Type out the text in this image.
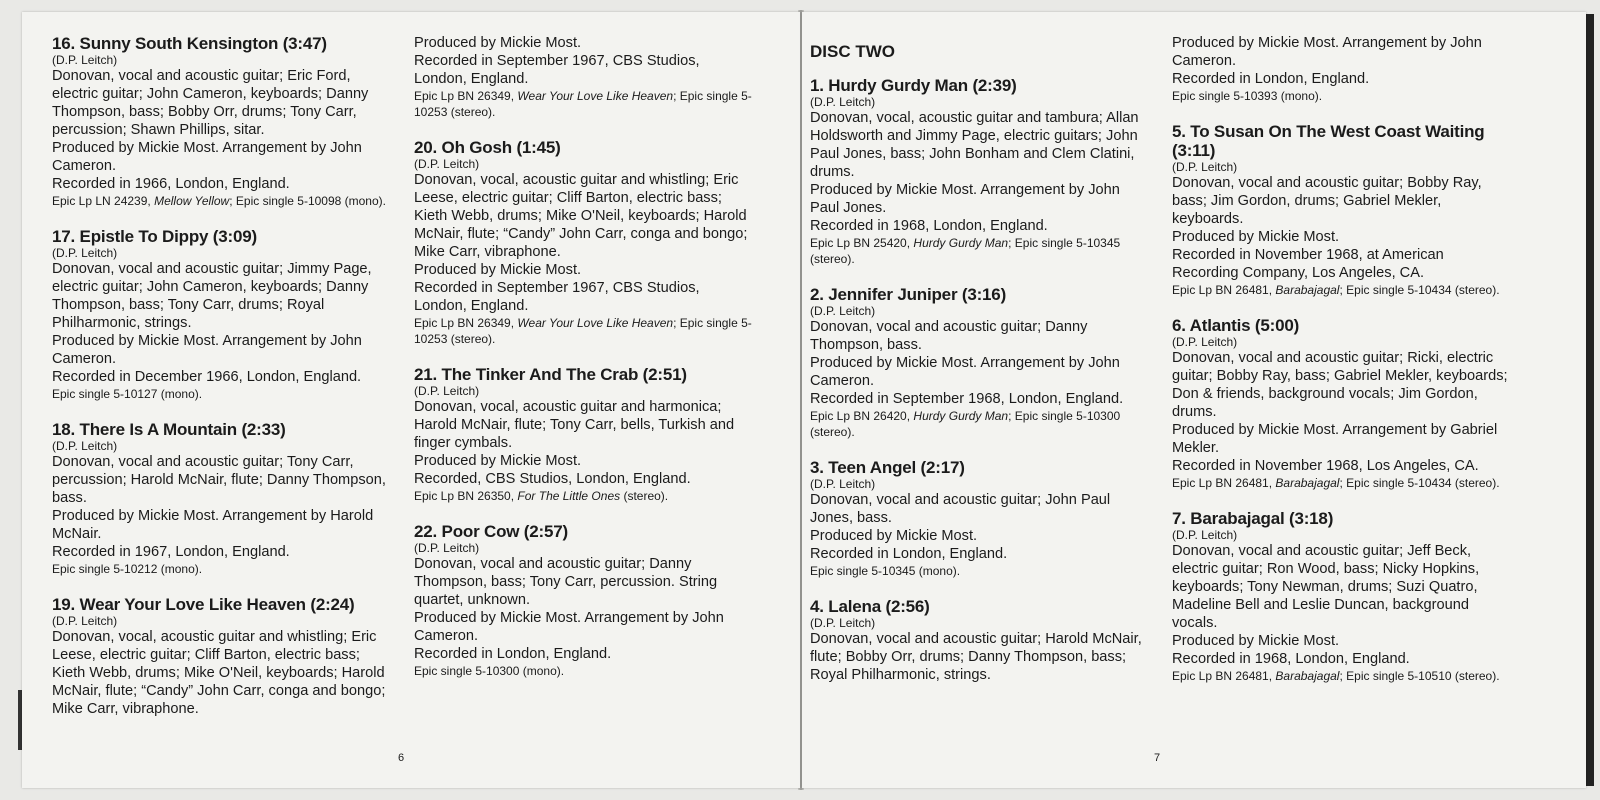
16. Sunny South Kensington (3:47)
(D.P. Leitch)
Donovan, vocal and acoustic guitar; Eric Ford, electric guitar; John Cameron, keyboards; Danny Thompson, bass; Bobby Orr, drums; Tony Carr, percussion; Shawn Phillips, sitar.
Produced by Mickie Most. Arrangement by John Cameron.
Recorded in 1966, London, England.
Epic Lp LN 24239, Mellow Yellow; Epic single 5-10098 (mono).
17. Epistle To Dippy (3:09)
(D.P. Leitch)
Donovan, vocal and acoustic guitar; Jimmy Page, electric guitar; John Cameron, keyboards; Danny Thompson, bass; Tony Carr, drums; Royal Philharmonic, strings.
Produced by Mickie Most. Arrangement by John Cameron.
Recorded in December 1966, London, England.
Epic single 5-10127 (mono).
18. There Is A Mountain (2:33)
(D.P. Leitch)
Donovan, vocal and acoustic guitar; Tony Carr, percussion; Harold McNair, flute; Danny Thompson, bass.
Produced by Mickie Most. Arrangement by Harold McNair.
Recorded in 1967, London, England.
Epic single 5-10212 (mono).
19. Wear Your Love Like Heaven (2:24)
(D.P. Leitch)
Donovan, vocal, acoustic guitar and whistling; Eric Leese, electric guitar; Cliff Barton, electric bass; Kieth Webb, drums; Mike O'Neil, keyboards; Harold McNair, flute; “Candy” John Carr, conga and bongo; Mike Carr, vibraphone.
Produced by Mickie Most.
Recorded in September 1967, CBS Studios, London, England.
Epic Lp BN 26349, Wear Your Love Like Heaven; Epic single 5-10253 (stereo).
20. Oh Gosh (1:45)
(D.P. Leitch)
Donovan, vocal, acoustic guitar and whistling; Eric Leese, electric guitar; Cliff Barton, electric bass; Kieth Webb, drums; Mike O'Neil, keyboards; Harold McNair, flute; “Candy” John Carr, conga and bongo; Mike Carr, vibraphone.
Produced by Mickie Most.
Recorded in September 1967, CBS Studios, London, England.
Epic Lp BN 26349, Wear Your Love Like Heaven; Epic single 5-10253 (stereo).
21. The Tinker And The Crab (2:51)
(D.P. Leitch)
Donovan, vocal, acoustic guitar and harmonica; Harold McNair, flute; Tony Carr, bells, Turkish and finger cymbals.
Produced by Mickie Most.
Recorded, CBS Studios, London, England.
Epic Lp BN 26350, For The Little Ones (stereo).
22. Poor Cow (2:57)
(D.P. Leitch)
Donovan, vocal and acoustic guitar; Danny Thompson, bass; Tony Carr, percussion. String quartet, unknown.
Produced by Mickie Most. Arrangement by John Cameron.
Recorded in London, England.
Epic single 5-10300 (mono).
6
DISC TWO
1. Hurdy Gurdy Man (2:39)
(D.P. Leitch)
Donovan, vocal, acoustic guitar and tambura; Allan Holdsworth and Jimmy Page, electric guitars; John Paul Jones, bass; John Bonham and Clem Clatini, drums.
Produced by Mickie Most. Arrangement by John Paul Jones.
Recorded in 1968, London, England.
Epic Lp BN 25420, Hurdy Gurdy Man; Epic single 5-10345 (stereo).
2. Jennifer Juniper (3:16)
(D.P. Leitch)
Donovan, vocal and acoustic guitar; Danny Thompson, bass.
Produced by Mickie Most. Arrangement by John Cameron.
Recorded in September 1968, London, England.
Epic Lp BN 26420, Hurdy Gurdy Man; Epic single 5-10300 (stereo).
3. Teen Angel (2:17)
(D.P. Leitch)
Donovan, vocal and acoustic guitar; John Paul Jones, bass.
Produced by Mickie Most.
Recorded in London, England.
Epic single 5-10345 (mono).
4. Lalena (2:56)
(D.P. Leitch)
Donovan, vocal and acoustic guitar; Harold McNair, flute; Bobby Orr, drums; Danny Thompson, bass; Royal Philharmonic, strings.
Produced by Mickie Most. Arrangement by John Cameron.
Recorded in London, England.
Epic single 5-10393 (mono).
5. To Susan On The West Coast Waiting (3:11)
(D.P. Leitch)
Donovan, vocal and acoustic guitar; Bobby Ray, bass; Jim Gordon, drums; Gabriel Mekler, keyboards.
Produced by Mickie Most.
Recorded in November 1968, at American Recording Company, Los Angeles, CA.
Epic Lp BN 26481, Barabajagal; Epic single 5-10434 (stereo).
6. Atlantis (5:00)
(D.P. Leitch)
Donovan, vocal and acoustic guitar; Ricki, electric guitar; Bobby Ray, bass; Gabriel Mekler, keyboards; Don & friends, background vocals; Jim Gordon, drums.
Produced by Mickie Most. Arrangement by Gabriel Mekler.
Recorded in November 1968, Los Angeles, CA.
Epic Lp BN 26481, Barabajagal; Epic single 5-10434 (stereo).
7. Barabajagal (3:18)
(D.P. Leitch)
Donovan, vocal and acoustic guitar; Jeff Beck, electric guitar; Ron Wood, bass; Nicky Hopkins, keyboards; Tony Newman, drums; Suzi Quatro, Madeline Bell and Leslie Duncan, background vocals.
Produced by Mickie Most.
Recorded in 1968, London, England.
Epic Lp BN 26481, Barabajagal; Epic single 5-10510 (stereo).
7
